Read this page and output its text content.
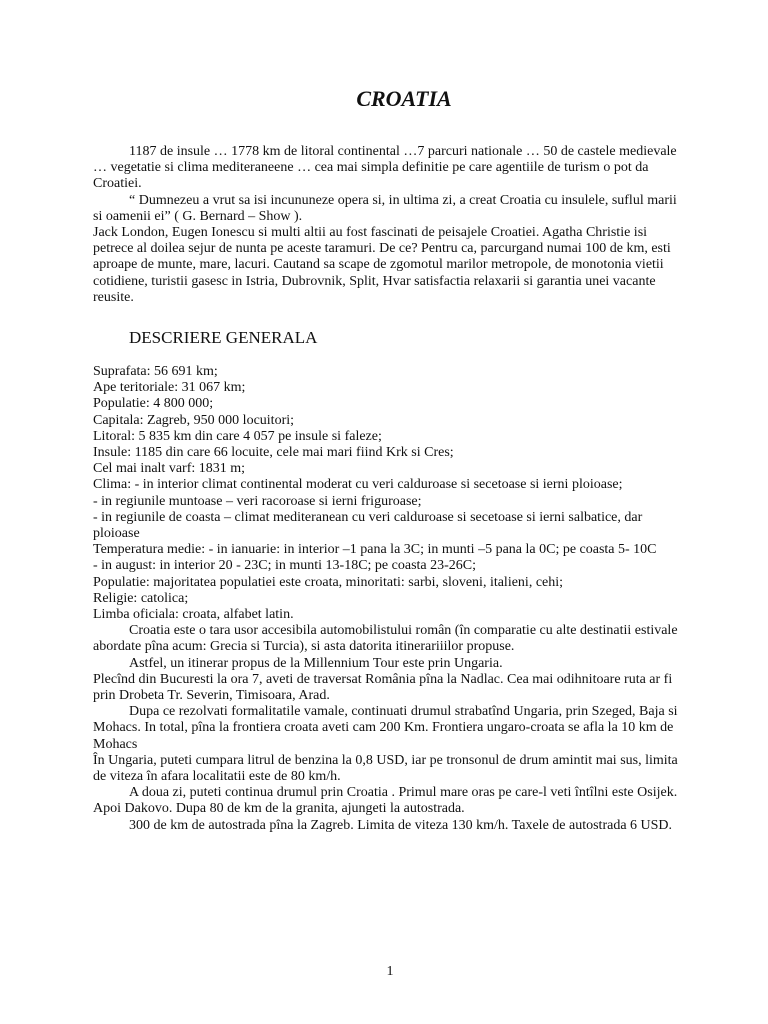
CROATIA

1187 de insule … 1778 km de litoral continental …7 parcuri nationale … 50 de castele medievale … vegetatie si clima mediteraneene … cea mai simpla definitie pe care agentiile de turism o pot da Croatiei.

“ Dumnezeu a vrut sa isi incununeze opera si, in ultima zi, a creat Croatia cu insulele, suflul marii si oamenii ei” ( G. Bernard – Show ).

Jack London, Eugen Ionescu si multi altii au fost fascinati de peisajele Croatiei. Agatha Christie isi petrece al doilea sejur de nunta pe aceste taramuri. De ce? Pentru ca, parcurgand numai 100 de km, esti aproape de munte, mare, lacuri. Cautand sa scape de zgomotul marilor metropole, de monotonia vietii cotidiene, turistii gasesc in Istria, Dubrovnik, Split, Hvar satisfactia relaxarii si garantia unei vacante reusite.

DESCRIERE GENERALA

Suprafata: 56 691 km;

Ape teritoriale: 31 067 km;

Populatie: 4 800 000;

Capitala: Zagreb, 950 000 locuitori;

Litoral: 5 835 km din care 4 057 pe insule si faleze;

Insule: 1185 din care 66 locuite, cele mai mari fiind Krk si Cres;

Cel mai inalt varf: 1831 m;

Clima: - in interior climat continental moderat cu veri calduroase si secetoase si ierni ploioase;

- in regiunile muntoase – veri racoroase si ierni friguroase;

- in regiunile de coasta – climat mediteranean cu veri calduroase si secetoase si ierni salbatice, dar ploioase

Temperatura medie: - in ianuarie: in interior –1 pana la 3C; in munti –5 pana la 0C; pe coasta 5- 10C

- in august: in interior 20 - 23C; in munti 13-18C; pe coasta 23-26C;

Populatie: majoritatea populatiei este croata, minoritati: sarbi, sloveni, italieni, cehi;

Religie: catolica;

Limba oficiala: croata, alfabet latin.

Croatia este o tara usor accesibila automobilistului român (în comparatie cu alte destinatii estivale abordate pîna acum: Grecia si Turcia), si asta datorita itinerariiilor propuse.

Astfel, un itinerar propus de la Millennium Tour este prin Ungaria.

Plecînd din Bucuresti la ora 7, aveti de traversat România pîna la Nadlac. Cea mai odihnitoare ruta ar fi prin Drobeta Tr. Severin, Timisoara, Arad.

Dupa ce rezolvati formalitatile vamale, continuati drumul strabatînd Ungaria, prin Szeged, Baja si Mohacs. In total, pîna la frontiera croata aveti cam 200 Km. Frontiera ungaro-croata se afla la 10 km de Mohacs

În Ungaria, puteti cumpara litrul de benzina la 0,8 USD, iar pe tronsonul de drum amintit mai sus, limita de viteza în afara localitatii este de 80 km/h.

A doua zi, puteti continua drumul prin Croatia . Primul mare oras pe care-l veti întîlni este Osijek. Apoi Dakovo. Dupa 80 de km de la granita, ajungeti la autostrada.

300 de km de autostrada pîna la Zagreb. Limita de viteza 130 km/h. Taxele de autostrada 6 USD.

1
